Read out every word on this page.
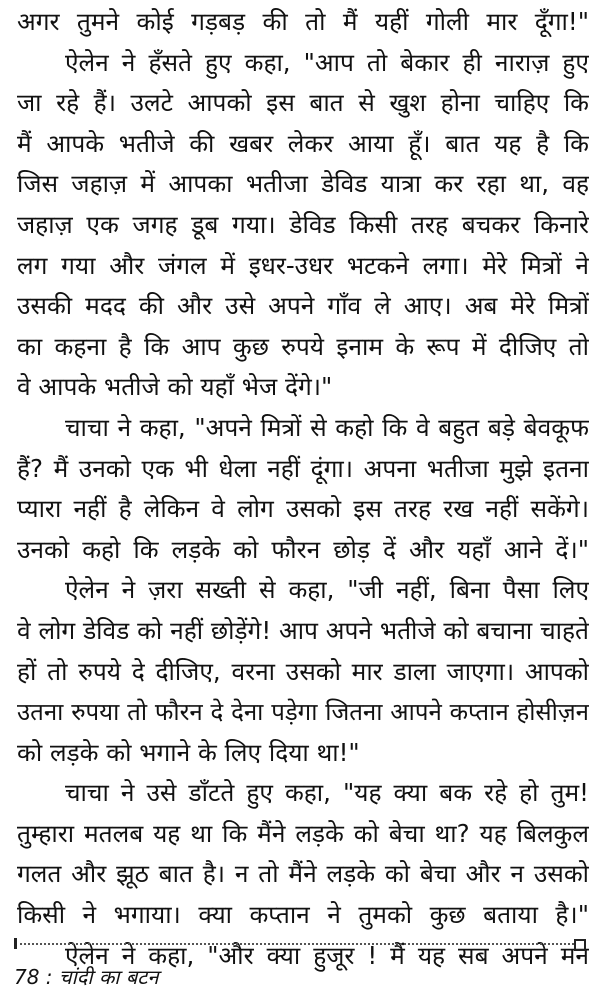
अगर तुमने कोई गड़बड़ की तो मैं यहीं गोली मार दूँगा!"
ऐलेन ने हँसते हुए कहा, "आप तो बेकार ही नाराज़ हुए
जा रहे हैं। उलटे आपको इस बात से खुश होना चाहिए कि
मैं आपके भतीजे की खबर लेकर आया हूँ। बात यह है कि
जिस जहाज़ में आपका भतीजा डेविड यात्रा कर रहा था, वह
जहाज़ एक जगह डूब गया। डेविड किसी तरह बचकर किनारे
लग गया और जंगल में इधर-उधर भटकने लगा। मेरे मित्रों ने
उसकी मदद की और उसे अपने गाँव ले आए। अब मेरे मित्रों
का कहना है कि आप कुछ रुपये इनाम के रूप में दीजिए तो
वे आपके भतीजे को यहाँ भेज देंगे।"
चाचा ने कहा, "अपने मित्रों से कहो कि वे बहुत बड़े बेवकूफ
हैं? मैं उनको एक भी धेला नहीं दूंगा। अपना भतीजा मुझे इतना
प्यारा नहीं है लेकिन वे लोग उसको इस तरह रख नहीं सकेंगे।
उनको कहो कि लड़के को फौरन छोड़ दें और यहाँ आने दें।"
ऐलेन ने ज़रा सख्ती से कहा, "जी नहीं, बिना पैसा लिए
वे लोग डेविड को नहीं छोड़ेंगे! आप अपने भतीजे को बचाना चाहते
हों तो रुपये दे दीजिए, वरना उसको मार डाला जाएगा। आपको
उतना रुपया तो फौरन दे देना पड़ेगा जितना आपने कप्तान होसीज़न
को लड़के को भगाने के लिए दिया था!"
चाचा ने उसे डाँटते हुए कहा, "यह क्या बक रहे हो तुम!
तुम्हारा मतलब यह था कि मैंने लड़के को बेचा था? यह बिलकुल
गलत और झूठ बात है। न तो मैंने लड़के को बेचा और न उसको
किसी ने भगाया। क्या कप्तान ने तुमको कुछ बताया है।"
ऐलेन ने कहा, "और क्या हुजूर ! मैं यह सब अपने मन
78 : चांदी का बटन
